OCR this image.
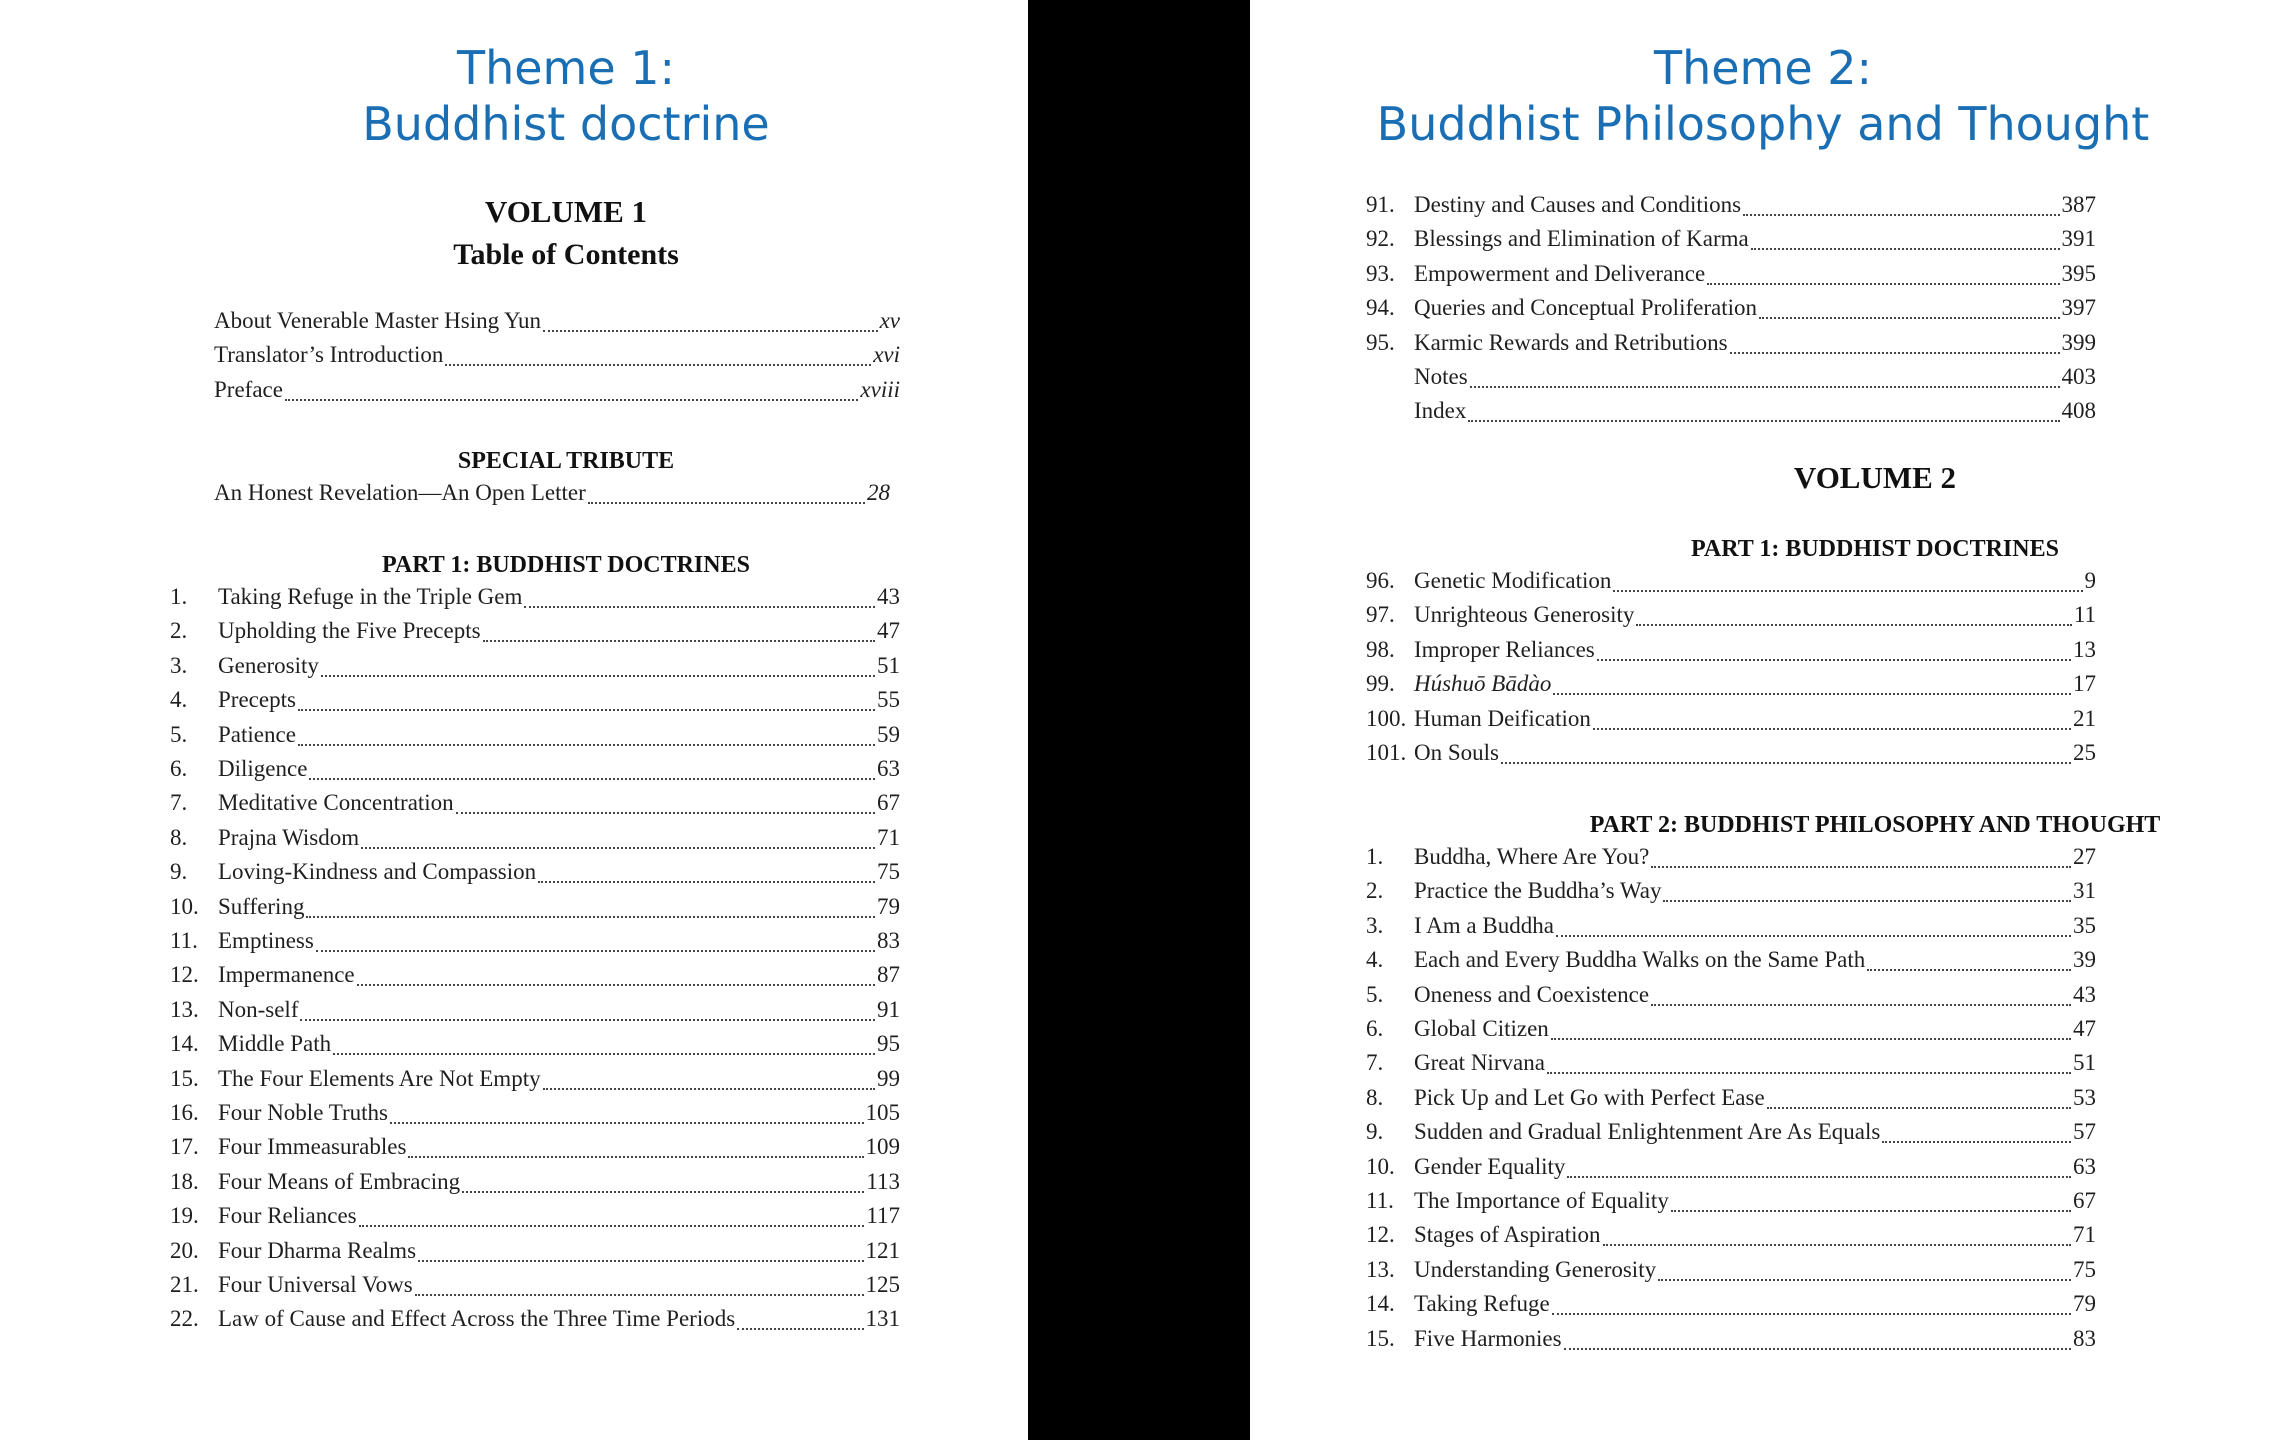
Theme 1:
Buddhist doctrine
VOLUME 1
Table of Contents
About Venerable Master Hsing Yun	xv
Translator’s Introduction	xvi
Preface	xviii
SPECIAL TRIBUTE
An Honest Revelation—An Open Letter	28
PART 1: BUDDHIST DOCTRINES
1.	Taking Refuge in the Triple Gem	43
2.	Upholding the Five Precepts	47
3.	Generosity	51
4.	Precepts	55
5.	Patience	59
6.	Diligence	63
7.	Meditative Concentration	67
8.	Prajna Wisdom	71
9.	Loving-Kindness and Compassion	75
10. Suffering	79
11. Emptiness	83
12. Impermanence	87
13. Non-self	91
14. Middle Path	95
15. The Four Elements Are Not Empty	99
16. Four Noble Truths	105
17. Four Immeasurables	109
18. Four Means of Embracing	113
19. Four Reliances	117
20. Four Dharma Realms	121
21. Four Universal Vows	125
22. Law of Cause and Effect Across the Three Time Periods	131
Theme 2:
Buddhist Philosophy and Thought
91. Destiny and Causes and Conditions	387
92. Blessings and Elimination of Karma	391
93. Empowerment and Deliverance	395
94. Queries and Conceptual Proliferation	397
95. Karmic Rewards and Retributions	399
Notes	403
Index	408
VOLUME 2
PART 1: BUDDHIST DOCTRINES
96. Genetic Modification	9
97. Unrighteous Generosity	11
98. Improper Reliances	13
99. Húshuō Bādào	17
100. Human Deification	21
101. On Souls	25
PART 2: BUDDHIST PHILOSOPHY AND THOUGHT
1.	Buddha, Where Are You?	27
2.	Practice the Buddha’s Way	31
3.	I Am a Buddha	35
4.	Each and Every Buddha Walks on the Same Path	39
5.	Oneness and Coexistence	43
6.	Global Citizen	47
7.	Great Nirvana	51
8.	Pick Up and Let Go with Perfect Ease	53
9.	Sudden and Gradual Enlightenment Are As Equals	57
10. Gender Equality	63
11. The Importance of Equality	67
12. Stages of Aspiration	71
13. Understanding Generosity	75
14. Taking Refuge	79
15. Five Harmonies	83
